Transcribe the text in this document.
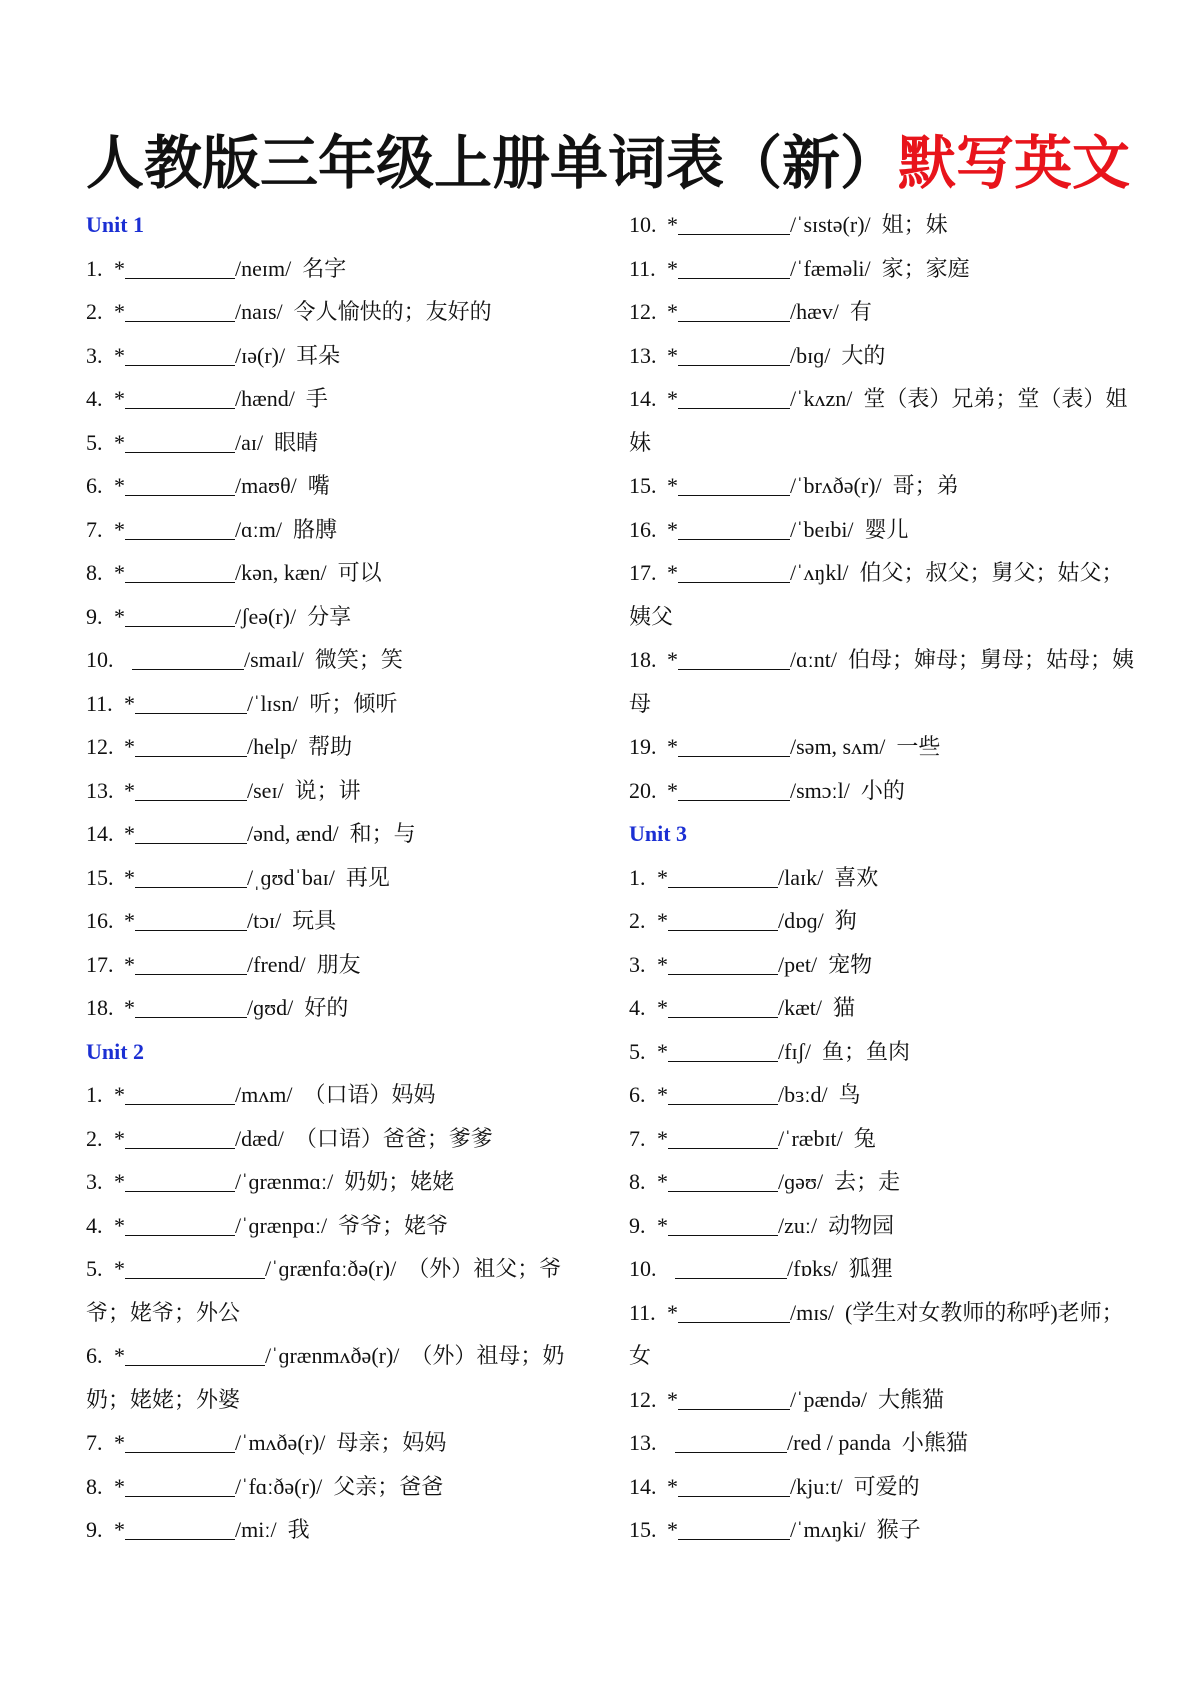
人教版三年级上册单词表（新）默写英文
Unit 1
1. *	/neɪm/ 名字
2. *	/naɪs/ 令人愉快的；友好的
3. *	/ɪə(r)/ 耳朵
4. *	/hænd/ 手
5. *	/aɪ/ 眼睛
6. *	/maʊθ/ 嘴
7. *	/ɑːm/ 胳膊
8. *	/kən, kæn/ 可以
9. *	/ʃeə(r)/ 分享
10.	/smaɪl/ 微笑；笑
11. *	/ˈlɪsn/ 听；倾听
12. *	/help/ 帮助
13. *	/seɪ/ 说；讲
14. *	/ənd, ænd/ 和；与
15. *	/ˌɡʊdˈbaɪ/ 再见
16. *	/tɔɪ/ 玩具
17. *	/frend/ 朋友
18. *	/ɡʊd/ 好的
Unit 2
1. *	/mʌm/ （口语）妈妈
2. *	/dæd/ （口语）爸爸；爹爹
3. *	/ˈɡrænmɑː/ 奶奶；姥姥
4. *	/ˈɡrænpɑː/ 爷爷；姥爷
5. *	/ˈɡrænfɑːðə(r)/ （外）祖父；爷爷；姥爷；外公
6. *	/ˈɡrænmʌðə(r)/ （外）祖母；奶奶；姥姥；外婆
7. *	/ˈmʌðə(r)/ 母亲；妈妈
8. *	/ˈfɑːðə(r)/ 父亲；爸爸
9. *	/miː/ 我
10. *	/ˈsɪstə(r)/ 姐；妹
11. *	/ˈfæməli/ 家；家庭
12. *	/hæv/ 有
13. *	/bɪɡ/ 大的
14. *	/ˈkʌzn/ 堂（表）兄弟；堂（表）姐妹
15. *	/ˈbrʌðə(r)/ 哥；弟
16. *	/ˈbeɪbi/ 婴儿
17. *	/ˈʌŋkl/ 伯父；叔父；舅父；姑父；姨父
18. *	/ɑːnt/ 伯母；婶母；舅母；姑母；姨母
19. *	/səm, sʌm/ 一些
20. *	/smɔːl/ 小的
Unit 3
1. *	/laɪk/ 喜欢
2. *	/dɒɡ/ 狗
3. *	/pet/ 宠物
4. *	/kæt/ 猫
5. *	/fɪʃ/ 鱼；鱼肉
6. *	/bɜːd/ 鸟
7. *	/ˈræbɪt/ 兔
8. *	/ɡəʊ/ 去；走
9. *	/zuː/ 动物园
10.	/fɒks/ 狐狸
11. *	/mɪs/ (学生对女教师的称呼)老师；女
12. *	/ˈpændə/ 大熊猫
13.	/red / panda 小熊猫
14. *	/kjuːt/ 可爱的
15. *	/ˈmʌŋki/ 猴子
